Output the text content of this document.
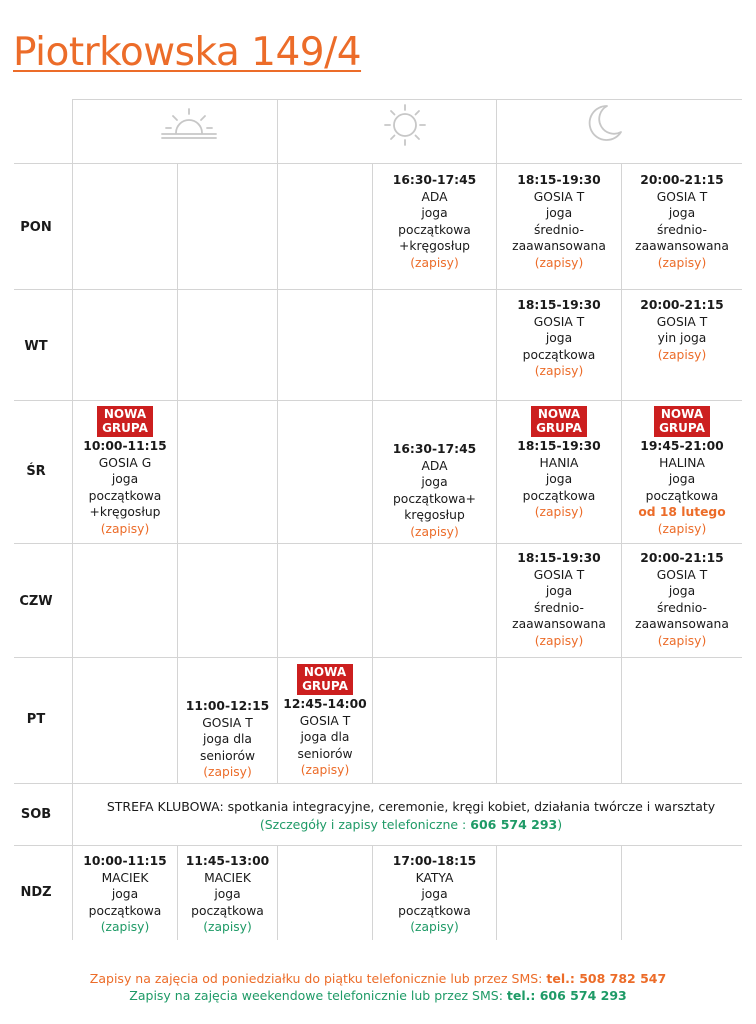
Piotrkowska 149/4
PON
WT
ŚR
CZW
PT
SOB
NDZ
16:30-17:45
ADA
joga
początkowa
+kręgosłup
(zapisy)
18:15-19:30
GOSIA T
joga
średnio-
zaawansowana
(zapisy)
20:00-21:15
GOSIA T
joga
średnio-
zaawansowana
(zapisy)
18:15-19:30
GOSIA T
joga
początkowa
(zapisy)
20:00-21:15
GOSIA T
yin joga
(zapisy)
NOWA GRUPA
10:00-11:15
GOSIA G
joga
początkowa
+kręgosłup
(zapisy)
16:30-17:45
ADA
joga
początkowa+
kręgosłup
(zapisy)
NOWA GRUPA
18:15-19:30
HANIA
joga
początkowa
(zapisy)
NOWA GRUPA
19:45-21:00
HALINA
joga
początkowa
od 18 lutego
(zapisy)
18:15-19:30
GOSIA T
joga
średnio-
zaawansowana
(zapisy)
20:00-21:15
GOSIA T
joga
średnio-
zaawansowana
(zapisy)
11:00-12:15
GOSIA T
joga dla
seniorów
(zapisy)
NOWA GRUPA
12:45-14:00
GOSIA T
joga dla
seniorów
(zapisy)
STREFA KLUBOWA: spotkania integracyjne, ceremonie, kręgi kobiet, działania twórcze i warsztaty
(Szczegóły i zapisy telefoniczne : 606 574 293)
10:00-11:15
MACIEK
joga
początkowa
(zapisy)
11:45-13:00
MACIEK
joga
początkowa
(zapisy)
17:00-18:15
KATYA
joga
początkowa
(zapisy)
Zapisy na zajęcia od poniedziałku do piątku telefonicznie lub przez SMS: tel.: 508 782 547
Zapisy na zajęcia weekendowe telefonicznie lub przez SMS: tel.: 606 574 293
